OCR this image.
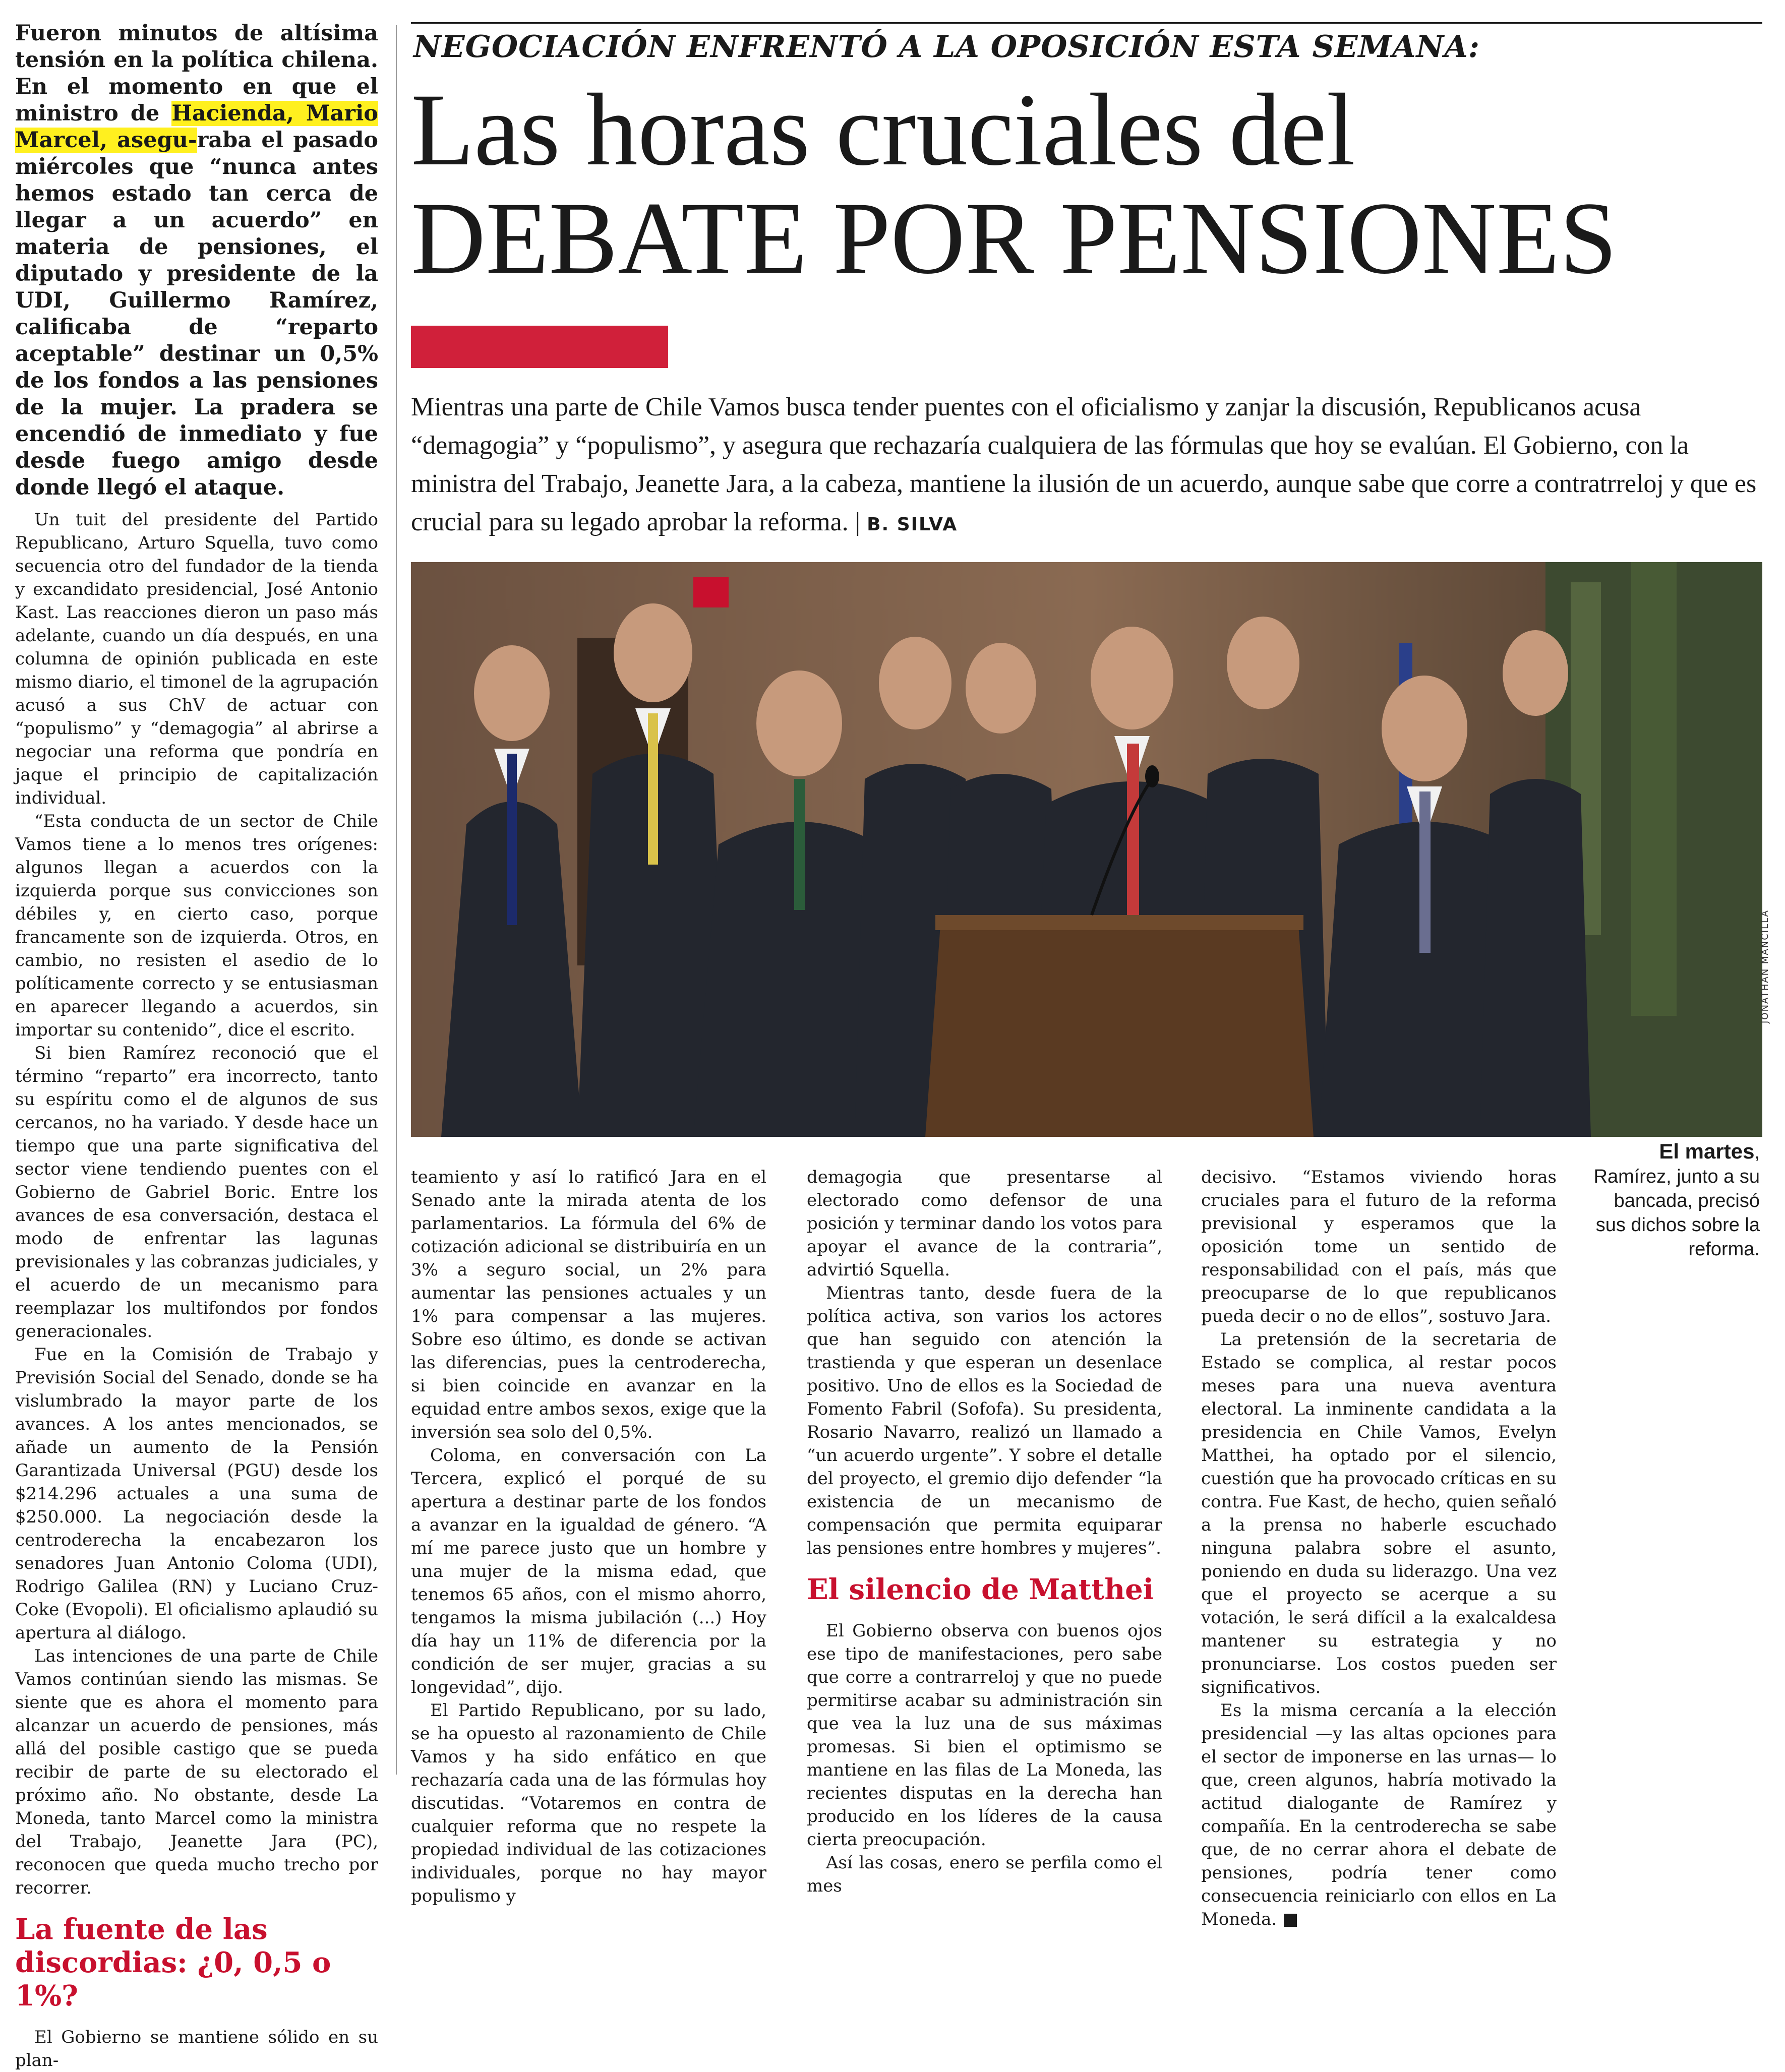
Fueron minutos de altísima tensión en la política chilena. En el momento en que el ministro de Hacienda, Mario Marcel, asegu-raba el pasado miércoles que “nunca antes hemos estado tan cerca de llegar a un acuerdo” en materia de pensiones, el diputado y presidente de la UDI, Guillermo Ramírez, calificaba de “reparto aceptable” destinar un 0,5% de los fondos a las pensiones de la mujer. La pradera se encendió de inmediato y fue desde fuego amigo desde donde llegó el ataque.

Un tuit del presidente del Partido Republicano, Arturo Squella, tuvo como secuencia otro del fundador de la tienda y excandidato presidencial, José Antonio Kast. Las reacciones dieron un paso más adelante, cuando un día después, en una columna de opinión publicada en este mismo diario, el timonel de la agrupación acusó a sus ChV de actuar con “populismo” y “demagogia” al abrirse a negociar una reforma que pondría en jaque el principio de capitalización individual.

“Esta conducta de un sector de Chile Vamos tiene a lo menos tres orígenes: algunos llegan a acuerdos con la izquierda porque sus convicciones son débiles y, en cierto caso, porque francamente son de izquierda. Otros, en cambio, no resisten el asedio de lo políticamente correcto y se entusiasman en aparecer llegando a acuerdos, sin importar su contenido”, dice el escrito.

Si bien Ramírez reconoció que el término “reparto” era incorrecto, tanto su espíritu como el de algunos de sus cercanos, no ha variado. Y desde hace un tiempo que una parte significativa del sector viene tendiendo puentes con el Gobierno de Gabriel Boric. Entre los avances de esa conversación, destaca el modo de enfrentar las lagunas previsionales y las cobranzas judiciales, y el acuerdo de un mecanismo para reemplazar los multifondos por fondos generacionales.

Fue en la Comisión de Trabajo y Previsión Social del Senado, donde se ha vislumbrado la mayor parte de los avances. A los antes mencionados, se añade un aumento de la Pensión Garantizada Universal (PGU) desde los $214.296 actuales a una suma de $250.000. La negociación desde la centroderecha la encabezaron los senadores Juan Antonio Coloma (UDI), Rodrigo Galilea (RN) y Luciano Cruz-Coke (Evopoli). El oficialismo aplaudió su apertura al diálogo.

Las intenciones de una parte de Chile Vamos continúan siendo las mismas. Se siente que es ahora el momento para alcanzar un acuerdo de pensiones, más allá del posible castigo que se pueda recibir de parte de su electorado el próximo año. No obstante, desde La Moneda, tanto Marcel como la ministra del Trabajo, Jeanette Jara (PC), reconocen que queda mucho trecho por recorrer.

La fuente de las discordias: ¿0, 0,5 o 1%?

El Gobierno se mantiene sólido en su plan-

NEGOCIACIÓN ENFRENTÓ A LA OPOSICIÓN ESTA SEMANA:
Las horas cruciales del
DEBATE POR PENSIONES
Mientras una parte de Chile Vamos busca tender puentes con el oficialismo y zanjar la discusión, Republicanos acusa “demagogia” y “populismo”, y asegura que rechazaría cualquiera de las fórmulas que hoy se evalúan. El Gobierno, con la ministra del Trabajo, Jeanette Jara, a la cabeza, mantiene la ilusión de un acuerdo, aunque sabe que corre a contratrreloj y que es crucial para su legado aprobar la reforma. | B. SILVA
JONATHAN MANCILLA
El martes, Ramírez, junto a su bancada, precisó sus dichos sobre la reforma.

teamiento y así lo ratificó Jara en el Senado ante la mirada atenta de los parlamentarios. La fórmula del 6% de cotización adicional se distribuiría en un 3% a seguro social, un 2% para aumentar las pensiones actuales y un 1% para compensar a las mujeres. Sobre eso último, es donde se activan las diferencias, pues la centroderecha, si bien coincide en avanzar en la equidad entre ambos sexos, exige que la inversión sea solo del 0,5%.

Coloma, en conversación con La Tercera, explicó el porqué de su apertura a destinar parte de los fondos a avanzar en la igualdad de género. “A mí me parece justo que un hombre y una mujer de la misma edad, que tenemos 65 años, con el mismo ahorro, tengamos la misma jubilación (...) Hoy día hay un 11% de diferencia por la condición de ser mujer, gracias a su longevidad”, dijo.

El Partido Republicano, por su lado, se ha opuesto al razonamiento de Chile Vamos y ha sido enfático en que rechazaría cada una de las fórmulas hoy discutidas. “Votaremos en contra de cualquier reforma que no respete la propiedad individual de las cotizaciones individuales, porque no hay mayor populismo y

demagogia que presentarse al electorado como defensor de una posición y terminar dando los votos para apoyar el avance de la contraria”, advirtió Squella.

Mientras tanto, desde fuera de la política activa, son varios los actores que han seguido con atención la trastienda y que esperan un desenlace positivo. Uno de ellos es la Sociedad de Fomento Fabril (Sofofa). Su presidenta, Rosario Navarro, realizó un llamado a “un acuerdo urgente”. Y sobre el detalle del proyecto, el gremio dijo defender “la existencia de un mecanismo de compensación que permita equiparar las pensiones entre hombres y mujeres”.

El silencio de Matthei

El Gobierno observa con buenos ojos ese tipo de manifestaciones, pero sabe que corre a contrarreloj y que no puede permitirse acabar su administración sin que vea la luz una de sus máximas promesas. Si bien el optimismo se mantiene en las filas de La Moneda, las recientes disputas en la derecha han producido en los líderes de la causa cierta preocupación.

Así las cosas, enero se perfila como el mes

decisivo. “Estamos viviendo horas cruciales para el futuro de la reforma previsional y esperamos que la oposición tome un sentido de responsabilidad con el país, más que preocuparse de lo que republicanos pueda decir o no de ellos”, sostuvo Jara.

La pretensión de la secretaria de Estado se complica, al restar pocos meses para una nueva aventura electoral. La inminente candidata a la presidencia en Chile Vamos, Evelyn Matthei, ha optado por el silencio, cuestión que ha provocado críticas en su contra. Fue Kast, de hecho, quien señaló a la prensa no haberle escuchado ninguna palabra sobre el asunto, poniendo en duda su liderazgo. Una vez que el proyecto se acerque a su votación, le será difícil a la exalcaldesa mantener su estrategia y no pronunciarse. Los costos pueden ser significativos.

Es la misma cercanía a la elección presidencial —y las altas opciones para el sector de imponerse en las urnas— lo que, creen algunos, habría motivado la actitud dialogante de Ramírez y compañía. En la centroderecha se sabe que, de no cerrar ahora el debate de pensiones, podría tener como consecuencia reiniciarlo con ellos en La Moneda. ■
